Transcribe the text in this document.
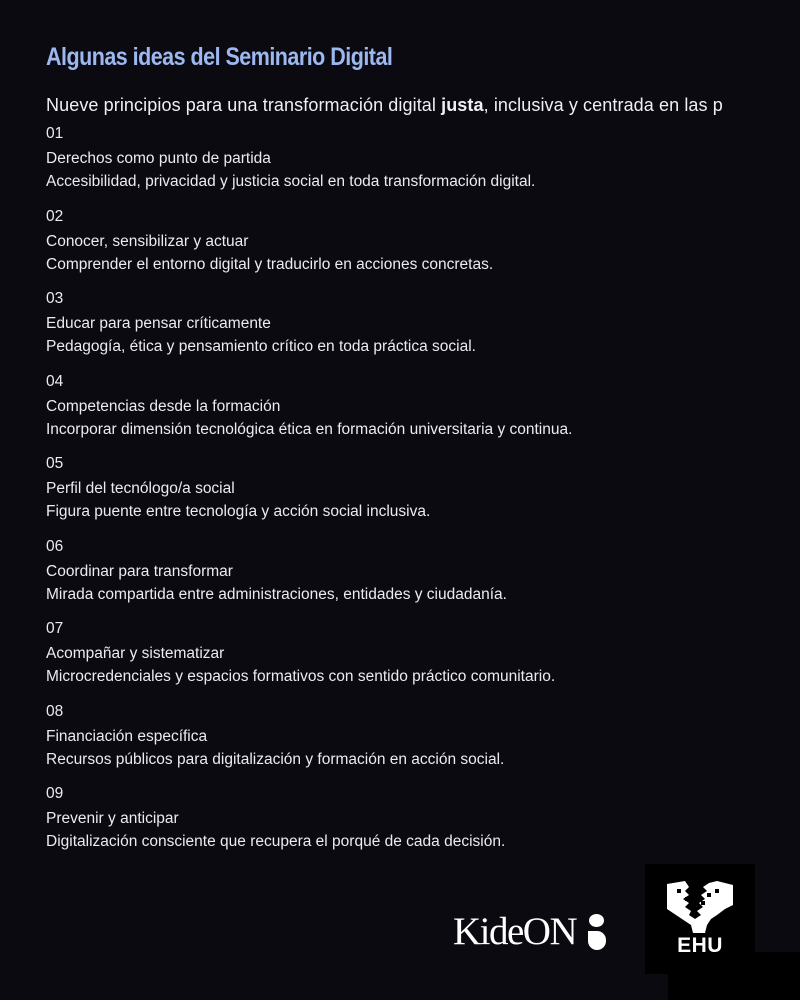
Algunas ideas del Seminario Digital

Nueve principios para una transformación digital justa, inclusiva y centrada en las p

01
Derechos como punto de partida
Accesibilidad, privacidad y justicia social en toda transformación digital.
02
Conocer, sensibilizar y actuar
Comprender el entorno digital y traducirlo en acciones concretas.
03
Educar para pensar críticamente
Pedagogía, ética y pensamiento crítico en toda práctica social.
04
Competencias desde la formación
Incorporar dimensión tecnológica ética en formación universitaria y continua.
05
Perfil del tecnólogo/a social
Figura puente entre tecnología y acción social inclusiva.
06
Coordinar para transformar
Mirada compartida entre administraciones, entidades y ciudadanía.
07
Acompañar y sistematizar
Microcredenciales y espacios formativos con sentido práctico comunitario.
08
Financiación específica
Recursos públicos para digitalización y formación en acción social.
09
Prevenir y anticipar
Digitalización consciente que recupera el porqué de cada decisión.
KideON	EHU
